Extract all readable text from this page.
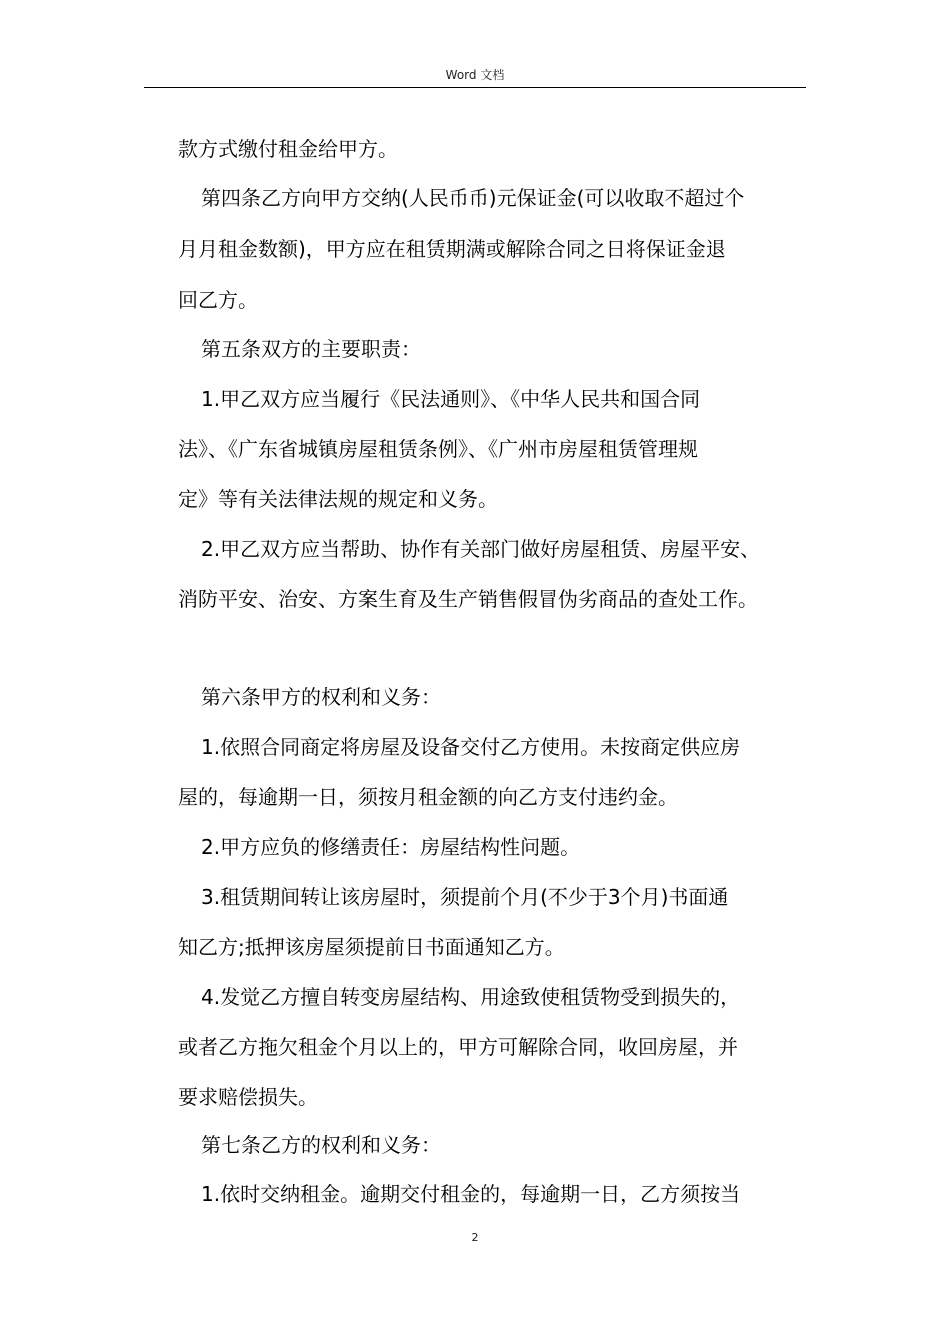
Word 文档
款方式缴付租金给甲方。
第四条乙方向甲方交纳(人民币币)元保证金(可以收取不超过个
月月租金数额)，甲方应在租赁期满或解除合同之日将保证金退
回乙方。
第五条双方的主要职责：
1.甲乙双方应当履行《民法通则》、《中华人民共和国合同
法》、《广东省城镇房屋租赁条例》、《广州市房屋租赁管理规
定》等有关法律法规的规定和义务。
2.甲乙双方应当帮助、协作有关部门做好房屋租赁、房屋平安、
消防平安、治安、方案生育及生产销售假冒伪劣商品的查处工作。
第六条甲方的权利和义务：
1.依照合同商定将房屋及设备交付乙方使用。未按商定供应房
屋的，每逾期一日，须按月租金额的向乙方支付违约金。
2.甲方应负的修缮责任：房屋结构性问题。
3.租赁期间转让该房屋时，须提前个月(不少于3个月)书面通
知乙方;抵押该房屋须提前日书面通知乙方。
4.发觉乙方擅自转变房屋结构、用途致使租赁物受到损失的，
或者乙方拖欠租金个月以上的，甲方可解除合同，收回房屋，并
要求赔偿损失。
第七条乙方的权利和义务：
1.依时交纳租金。逾期交付租金的，每逾期一日，乙方须按当
2
